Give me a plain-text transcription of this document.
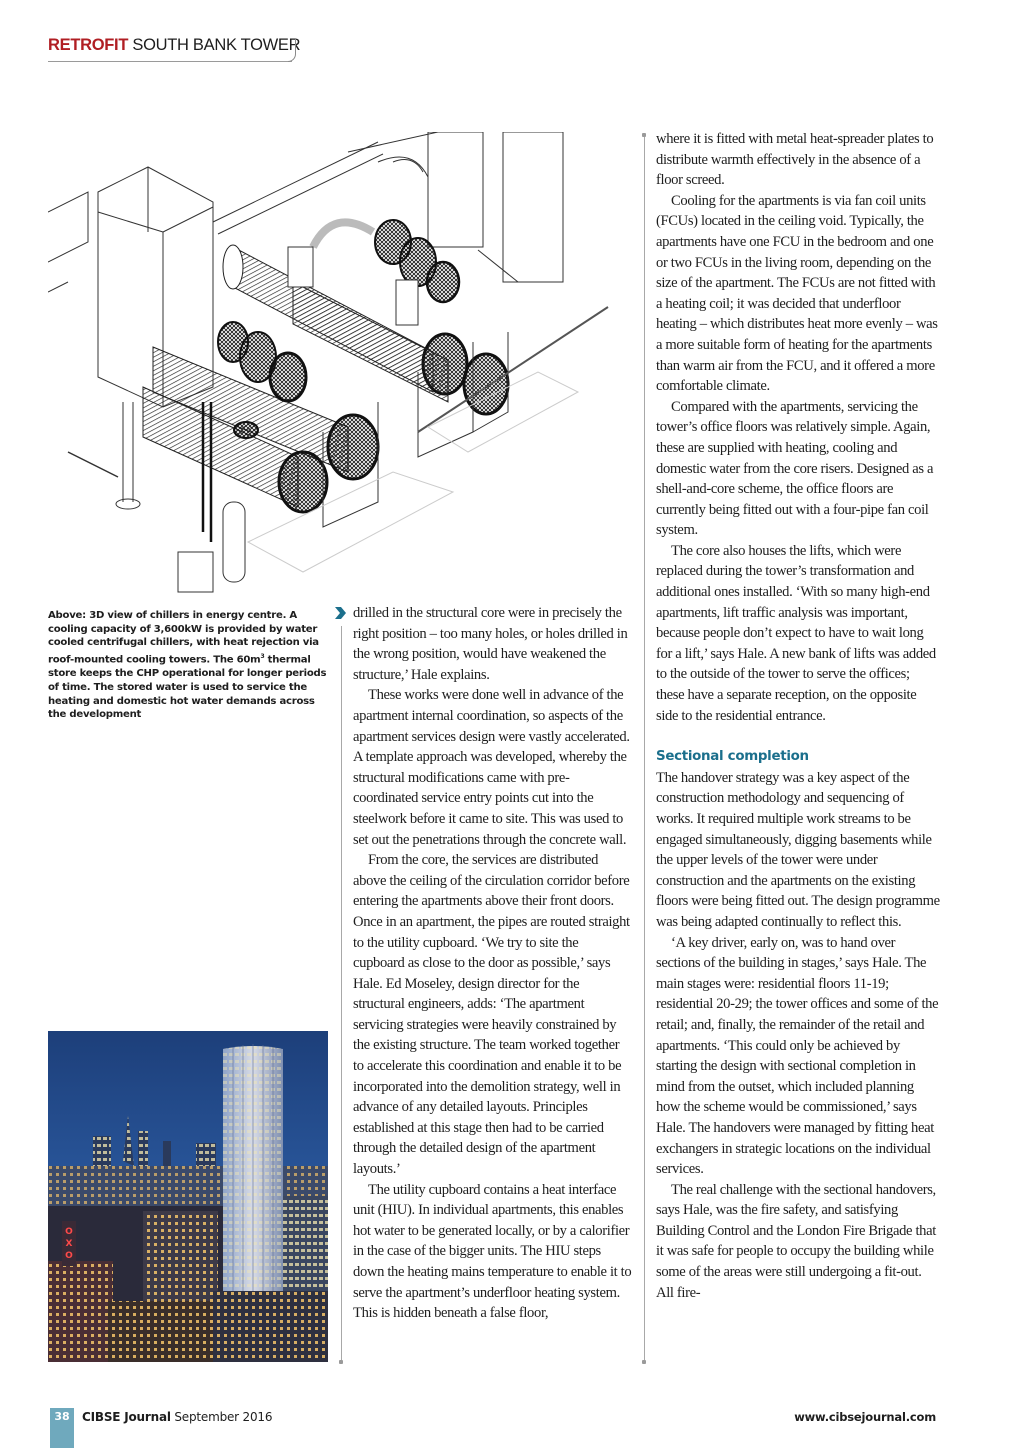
RETROFIT SOUTH BANK TOWER
Above: 3D view of chillers in energy centre. A cooling capacity of 3,600kW is provided by water cooled centrifugal chillers, with heat rejection via roof-mounted cooling towers. The $60m^3$ thermal store keeps the CHP operational for longer periods of time. The stored water is used to service the heating and domestic hot water demands across the development
O
X
O

drilled in the structural core were in precisely the right position – too many holes, or holes drilled in the wrong position, would have weakened the structure,’ Hale explains.

These works were done well in advance of the apartment internal coordination, so aspects of the apartment services design were vastly accelerated. A template approach was developed, whereby the structural modifications came with pre-coordinated service entry points cut into the steelwork before it came to site. This was used to set out the penetrations through the concrete wall.

From the core, the services are distributed above the ceiling of the circulation corridor before entering the apartments above their front doors. Once in an apartment, the pipes are routed straight to the utility cupboard. ‘We try to site the cupboard as close to the door as possible,’ says Hale. Ed Moseley, design director for the structural engineers, adds: ‘The apartment servicing strategies were heavily constrained by the existing structure. The team worked together to accelerate this coordination and enable it to be incorporated into the demolition strategy, well in advance of any detailed layouts. Principles established at this stage then had to be carried through the detailed design of the apartment layouts.’

The utility cupboard contains a heat interface unit (HIU). In individual apartments, this enables hot water to be generated locally, or by a calorifier in the case of the bigger units. The HIU steps down the heating mains temperature to enable it to serve the apartment’s underfloor heating system. This is hidden beneath a false floor,

where it is fitted with metal heat-spreader plates to distribute warmth effectively in the absence of a floor screed.

Cooling for the apartments is via fan coil units (FCUs) located in the ceiling void. Typically, the apartments have one FCU in the bedroom and one or two FCUs in the living room, depending on the size of the apartment. The FCUs are not fitted with a heating coil; it was decided that underfloor heating – which distributes heat more evenly – was a more suitable form of heating for the apartments than warm air from the FCU, and it offered a more comfortable climate.

Compared with the apartments, servicing the tower’s office floors was relatively simple. Again, these are supplied with heating, cooling and domestic water from the core risers. Designed as a shell-and-core scheme, the office floors are currently being fitted out with a four-pipe fan coil system.

The core also houses the lifts, which were replaced during the tower’s transformation and additional ones installed. ‘With so many high-end apartments, lift traffic analysis was important, because people don’t expect to have to wait long for a lift,’ says Hale. A new bank of lifts was added to the outside of the tower to serve the offices; these have a separate reception, on the opposite side to the residential entrance.

Sectional completion

The handover strategy was a key aspect of the construction methodology and sequencing of works. It required multiple work streams to be engaged simultaneously, digging basements while the upper levels of the tower were under construction and the apartments on the existing floors were being fitted out. The design programme was being adapted continually to reflect this.

‘A key driver, early on, was to hand over sections of the building in stages,’ says Hale. The main stages were: residential floors 11-19; residential 20-29; the tower offices and some of the retail; and, finally, the remainder of the retail and apartments. ‘This could only be achieved by starting the design with sectional completion in mind from the outset, which included planning how the scheme would be commissioned,’ says Hale. The handovers were managed by fitting heat exchangers in strategic locations on the individual services.

The real challenge with the sectional handovers, says Hale, was the fire safety, and satisfying Building Control and the London Fire Brigade that it was safe for people to occupy the building while some of the areas were still undergoing a fit-out. All fire-

38	CIBSE Journal September 2016	www.cibsejournal.com
